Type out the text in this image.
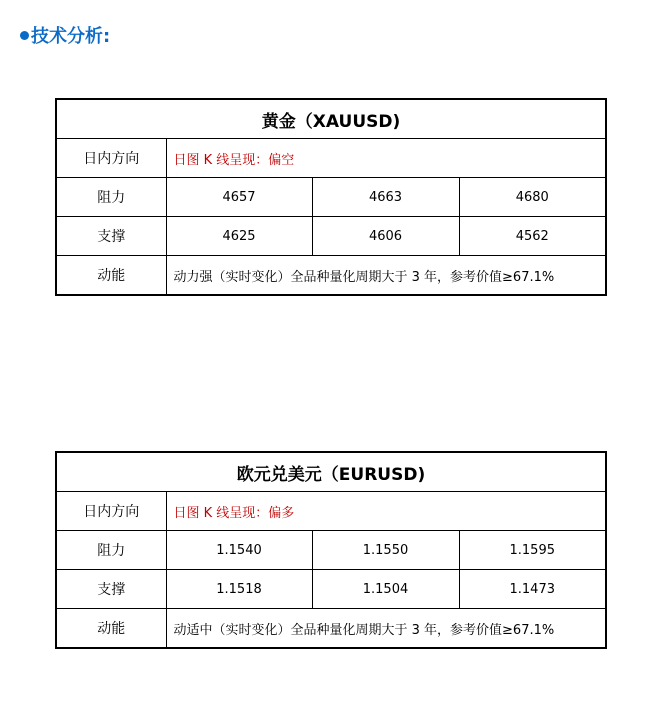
技术分析:
黄金（XAUUSD)			
日内方向	日图 K 线呈现：偏空		
阻力	4657	4663	4680
支撑	4625	4606	4562
动能	动力强（实时变化）全品种量化周期大于 3 年，参考价值≥67.1%		
欧元兑美元（EURUSD)			
日内方向	日图 K 线呈现：偏多		
阻力	1.1540	1.1550	1.1595
支撑	1.1518	1.1504	1.1473
动能	动适中（实时变化）全品种量化周期大于 3 年，参考价值≥67.1%		
